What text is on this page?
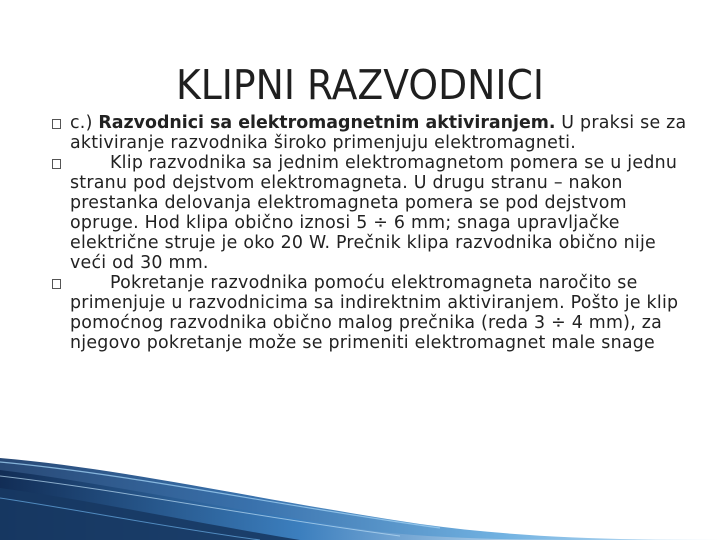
KLIPNI RAZVODNICI
c.) Razvodnici sa elektromagnetnim aktiviranjem. U praksi se za aktiviranje razvodnika široko primenjuju elektromagneti.
Klip razvodnika sa jednim elektromagnetom pomera se u jednu stranu pod dejstvom elektromagneta. U drugu stranu – nakon prestanka delovanja elektromagneta pomera se pod dejstvom opruge. Hod klipa obično iznosi 5 ÷ 6 mm; snaga upravljačke električne struje je oko 20 W. Prečnik klipa razvodnika obično nije veći od 30 mm.
Pokretanje razvodnika pomoću elektromagneta naročito se primenjuje u razvodnicima sa indirektnim aktiviranjem. Pošto je klip pomoćnog razvodnika obično malog prečnika (reda 3 ÷ 4 mm), za njegovo pokretanje može se primeniti elektromagnet male snage
